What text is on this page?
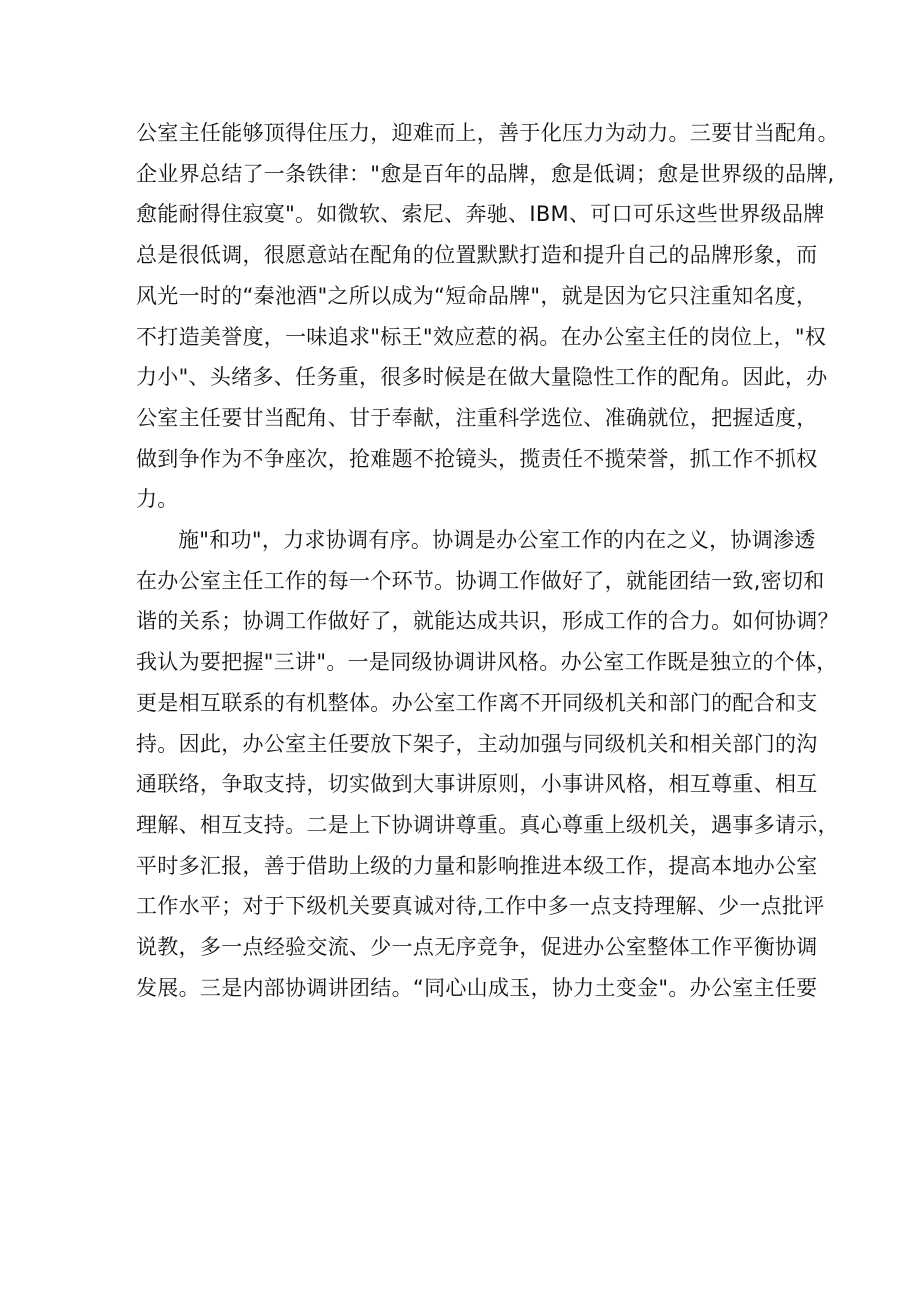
公室主任能够顶得住压力，迎难而上，善于化压力为动力。三要甘当配角。
企业界总结了一条铁律："愈是百年的品牌，愈是低调；愈是世界级的品牌,
愈能耐得住寂寞"。如微软、索尼、奔驰、IBM、可口可乐这些世界级品牌
总是很低调，很愿意站在配角的位置默默打造和提升自己的品牌形象，而
风光一时的“秦池酒"之所以成为“短命品牌"，就是因为它只注重知名度，
不打造美誉度，一味追求"标王"效应惹的祸。在办公室主任的岗位上，"权
力小"、头绪多、任务重，很多时候是在做大量隐性工作的配角。因此，办
公室主任要甘当配角、甘于奉献，注重科学选位、准确就位，把握适度，
做到争作为不争座次，抢难题不抢镜头，揽责任不揽荣誉，抓工作不抓权
力。

施"和功"，力求协调有序。协调是办公室工作的内在之义，协调渗透
在办公室主任工作的每一个环节。协调工作做好了，就能团结一致,密切和
谐的关系；协调工作做好了，就能达成共识，形成工作的合力。如何协调？
我认为要把握"三讲"。一是同级协调讲风格。办公室工作既是独立的个体，
更是相互联系的有机整体。办公室工作离不开同级机关和部门的配合和支
持。因此，办公室主任要放下架子，主动加强与同级机关和相关部门的沟
通联络，争取支持，切实做到大事讲原则，小事讲风格，相互尊重、相互
理解、相互支持。二是上下协调讲尊重。真心尊重上级机关，遇事多请示，
平时多汇报，善于借助上级的力量和影响推进本级工作，提高本地办公室
工作水平；对于下级机关要真诚对待,工作中多一点支持理解、少一点批评
说教，多一点经验交流、少一点无序竞争，促进办公室整体工作平衡协调
发展。三是内部协调讲团结。“同心山成玉，协力土变金"。办公室主任要
